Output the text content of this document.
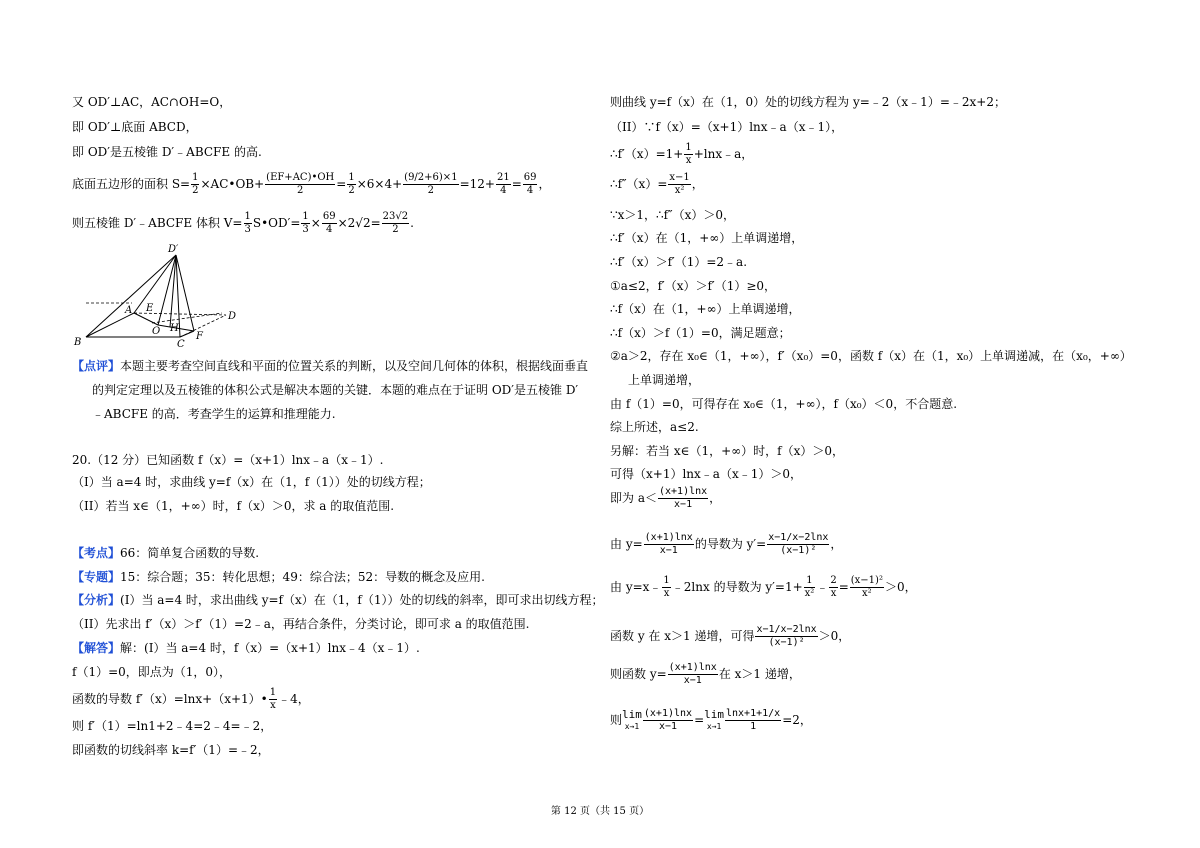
又 OD′⊥AC，AC∩OH=O，
即 OD′⊥底面 ABCD，
即 OD′是五棱锥 D′﹣ABCFE 的高.
底面五边形的面积 $S= \frac{1}{2}$ ×AC•OB+ $\frac{(EF+AC)•OH}{2} = \frac{1}{2} \times 6\times 4+ \frac{(9/2+6)\times 1}{2} =12+ \frac{21}{4} = \frac{69}{4}$ ，
则五棱锥 D′﹣ABCFE 体积 $V= \frac{1}{3}$ S•OD′= $\frac{1}{3} \times \frac{69}{4} \times 2√2= \frac{23√2}{2}$ .
D′
B
A E
O H
F
C
D
【点评】本题主要考查空间直线和平面的位置关系的判断，以及空间几何体的体积，根据线面垂直
的判定定理以及五棱锥的体积公式是解决本题的关键．本题的难点在于证明 OD′是五棱锥 D′
﹣ABCFE 的高．考查学生的运算和推理能力.
20.（12 分）已知函数 f（x）=（x+1）lnx﹣a（x﹣1）.
（I）当 a=4 时，求曲线 y=f（x）在（1，f（1））处的切线方程；
（II）若当 x∈（1，+∞）时，f（x）＞0，求 a 的取值范围.
【考点】66：简单复合函数的导数.
【专题】15：综合题；35：转化思想；49：综合法；52：导数的概念及应用.
【分析】(I）当 a=4 时，求出曲线 y=f（x）在（1，f（1））处的切线的斜率，即可求出切线方程；
（II）先求出 f′（x）＞f′（1）=2﹣a，再结合条件，分类讨论，即可求 a 的取值范围.
【解答】解：(I）当 a=4 时，f（x）=（x+1）lnx﹣4（x﹣1）.
f（1）=0，即点为（1，0），
函数的导数 f′（x）=lnx+（x+1）• $\frac{1}{x}$ ﹣4，
则 f′（1）=ln1+2﹣4=2﹣4=﹣2，
即函数的切线斜率 k=f′（1）=﹣2，
则曲线 y=f（x）在（1，0）处的切线方程为 y=﹣2（x﹣1）=﹣2x+2；
（II）∵f（x）=（x+1）lnx﹣a（x﹣1），
∴f′（x）=1+ $\frac{1}{x}$ +lnx﹣a，
∴f″（x）= $\frac{x-1}{\text{x²}}$ ，
∵x＞1，∴f″（x）＞0，
∴f′（x）在（1，+∞）上单调递增，
∴f′（x）＞f′（1）=2﹣a.
①a≤2，f′（x）＞f′（1）≥0，
∴f（x）在（1，+∞）上单调递增，
∴f（x）＞f（1）=0，满足题意；
②a＞2，存在 x₀∈（1，+∞），f′（x₀）=0，函数 f（x）在（1，x₀）上单调递减，在（x₀，+∞）
上单调递增，
由 f（1）=0，可得存在 x₀∈（1，+∞），f（x₀）＜0，不合题意.
综上所述，a≤2.
另解：若当 x∈（1，+∞）时，f（x）＞0，
可得（x+1）lnx﹣a（x﹣1）＞0，
即为 $a< \frac{(x+1)\ln x}{x-1}$ ，
由 $y= \frac{(x+1)\ln x}{x-1}$ 的导数为 $y'= \frac{x-1/x-2\ln x}{\text{(x−1)²}}$ ，
由 y=x﹣ $\frac{1}{x}$ ﹣2lnx 的导数为 $y'=1+ \frac{1}{\text{x²}}$ ﹣ $\frac{2}{x} = \frac{\text{(x−1)²}}{\text{x²}} >0$，
函数 y 在 x＞1 递增，可得 $\frac{x-1/x-2\ln x}{\text{(x−1)²}} >0$，
则函数 $y= \frac{(x+1)\ln x}{x-1}$ 在 x＞1 递增，
则 lim
$x\to 1 \frac{(x+1)\ln x}{x-1} = \lim$
$x\to 1 \frac{\ln x+1+1/x}{1} =2$，
第 12 页（共 15 页）
